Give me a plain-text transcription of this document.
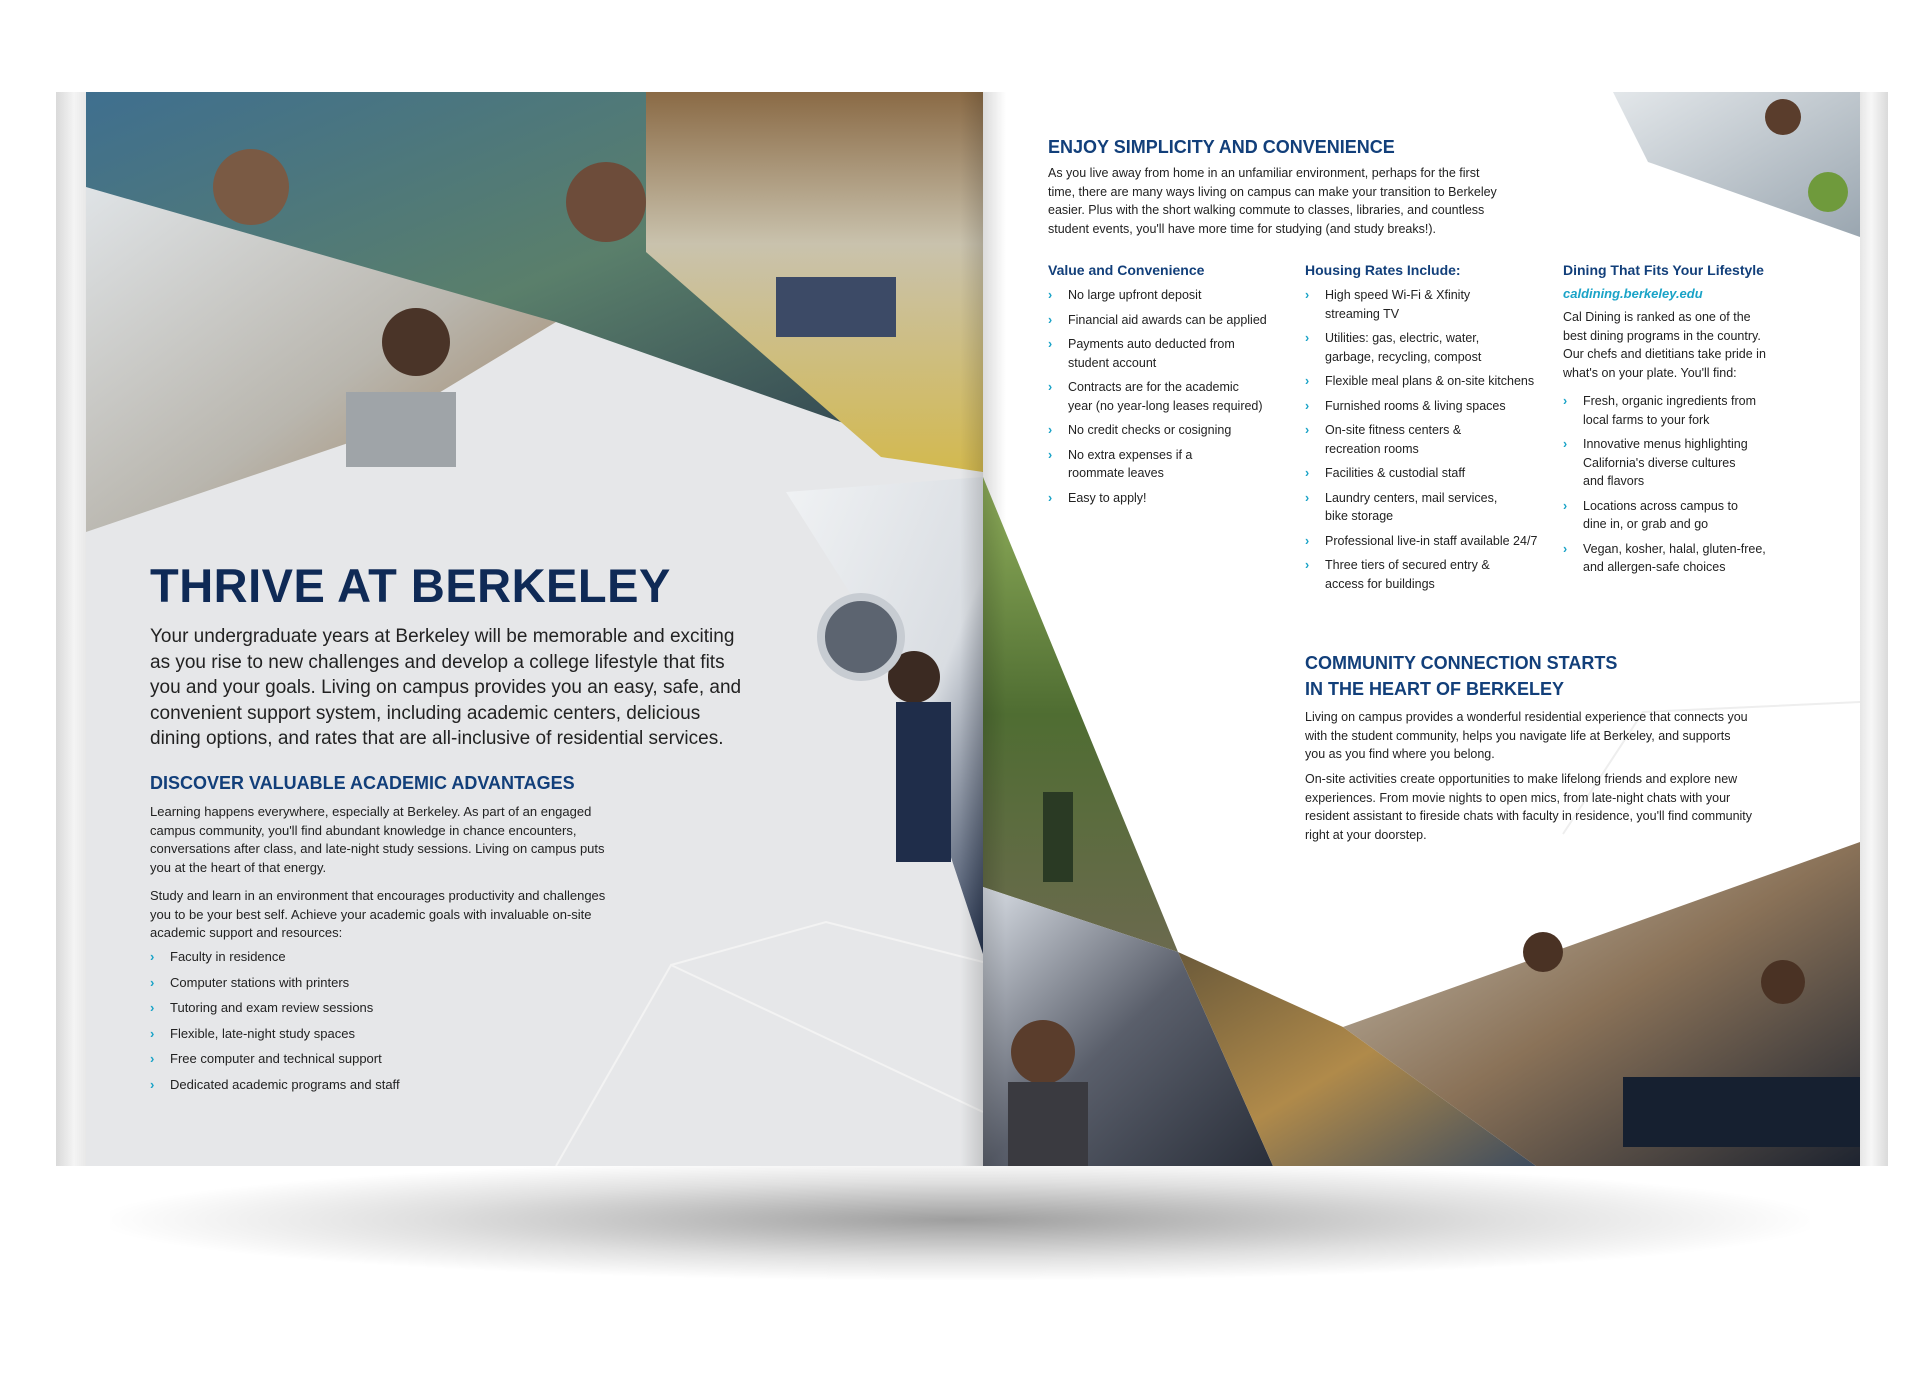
THRIVE AT BERKELEY
Your undergraduate years at Berkeley will be memorable and exciting
as you rise to new challenges and develop a college lifestyle that fits
you and your goals. Living on campus provides you an easy, safe, and
convenient support system, including academic centers, delicious
dining options, and rates that are all-inclusive of residential services.
DISCOVER VALUABLE ACADEMIC ADVANTAGES
Learning happens everywhere, especially at Berkeley. As part of an engaged
campus community, you'll find abundant knowledge in chance encounters,
conversations after class, and late-night study sessions. Living on campus puts
you at the heart of that energy.
Study and learn in an environment that encourages productivity and challenges
you to be your best self. Achieve your academic goals with invaluable on-site
academic support and resources:
› Faculty in residence
› Computer stations with printers
› Tutoring and exam review sessions
› Flexible, late-night study spaces
› Free computer and technical support
› Dedicated academic programs and staff
ENJOY SIMPLICITY AND CONVENIENCE
As you live away from home in an unfamiliar environment, perhaps for the first
time, there are many ways living on campus can make your transition to Berkeley
easier. Plus with the short walking commute to classes, libraries, and countless
student events, you'll have more time for studying (and study breaks!).
Value and Convenience
› No large upfront deposit
› Financial aid awards can be applied
› Payments auto deducted from
student account
› Contracts are for the academic
year (no year-long leases required)
› No credit checks or cosigning
› No extra expenses if a
roommate leaves
› Easy to apply!
Housing Rates Include:
› High speed Wi-Fi & Xfinity
streaming TV
› Utilities: gas, electric, water,
garbage, recycling, compost
› Flexible meal plans & on-site kitchens
› Furnished rooms & living spaces
› On-site fitness centers &
recreation rooms
› Facilities & custodial staff
› Laundry centers, mail services,
bike storage
› Professional live-in staff available 24/7
› Three tiers of secured entry &
access for buildings
Dining That Fits Your Lifestyle
caldining.berkeley.edu
Cal Dining is ranked as one of the
best dining programs in the country.
Our chefs and dietitians take pride in
what's on your plate. You'll find:
› Fresh, organic ingredients from
local farms to your fork
› Innovative menus highlighting
California's diverse cultures
and flavors
› Locations across campus to
dine in, or grab and go
› Vegan, kosher, halal, gluten-free,
and allergen-safe choices
COMMUNITY CONNECTION STARTS
IN THE HEART OF BERKELEY
Living on campus provides a wonderful residential experience that connects you
with the student community, helps you navigate life at Berkeley, and supports
you as you find where you belong.
On-site activities create opportunities to make lifelong friends and explore new
experiences. From movie nights to open mics, from late-night chats with your
resident assistant to fireside chats with faculty in residence, you'll find community
right at your doorstep.
